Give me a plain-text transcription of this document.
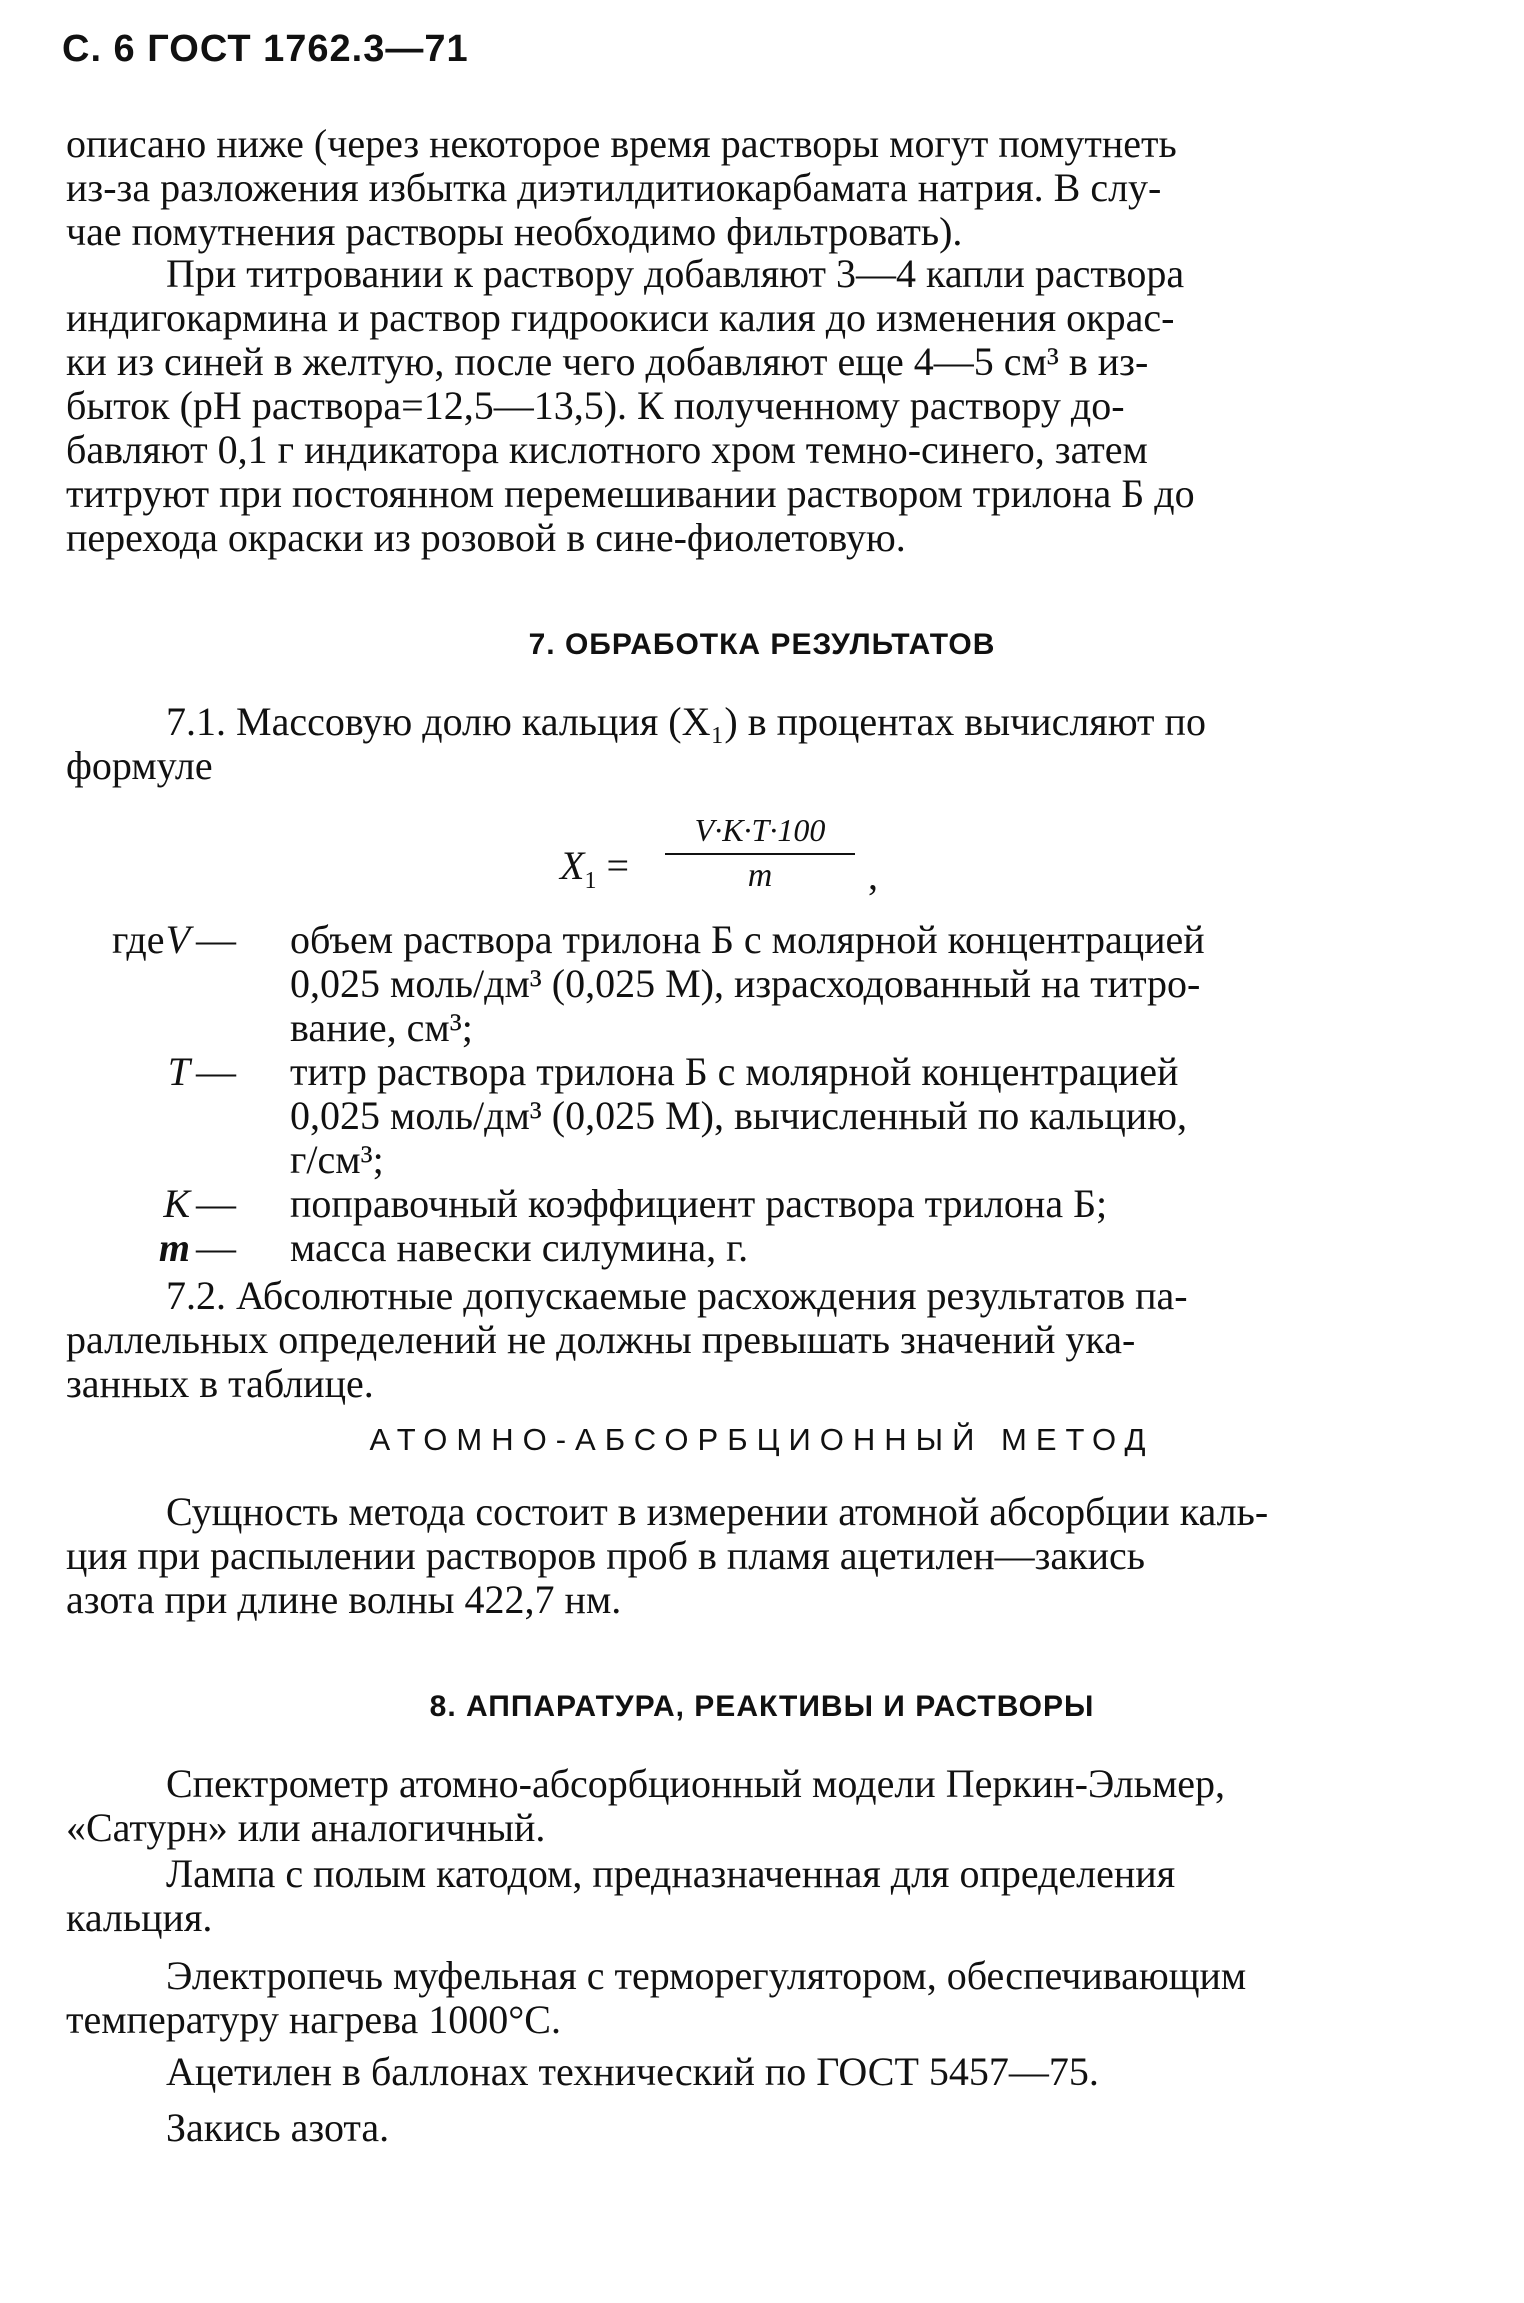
С. 6 ГОСТ 1762.3—71
описано ниже (через некоторое время растворы могут помутнеть
из-за разложения избытка диэтилдитиокарбамата натрия. В слу-
чае помутнения растворы необходимо фильтровать).
При титровании к раствору добавляют 3—4 капли раствора
индигокармина и раствор гидроокиси калия до изменения окрас-
ки из синей в желтую, после чего добавляют еще 4—5 см³ в из-
быток (рН раствора=12,5—13,5). К полученному раствору до-
бавляют 0,1 г индикатора кислотного хром темно-синего, затем
титруют при постоянном перемешивании раствором трилона Б до
перехода окраски из розовой в сине-фиолетовую.
7. ОБРАБОТКА РЕЗУЛЬТАТОВ
7.1. Массовую долю кальция (X₁) в процентах вычисляют по
формуле
$X_1 = \frac{V\cdot K\cdot T\cdot 100}{m}$ ,
где V — объем раствора трилона Б с молярной концентрацией
0,025 моль/дм³ (0,025 М), израсходованный на титро-
вание, см³;
T — титр раствора трилона Б с молярной концентрацией
0,025 моль/дм³ (0,025 М), вычисленный по кальцию,
г/см³;
K — поправочный коэффициент раствора трилона Б;
m — масса навески силумина, г.
7.2. Абсолютные допускаемые расхождения результатов па-
раллельных определений не должны превышать значений ука-
занных в таблице.
АТОМНО-АБСОРБЦИОННЫЙ МЕТОД
Сущность метода состоит в измерении атомной абсорбции каль-
ция при распылении растворов проб в пламя ацетилен—закись
азота при длине волны 422,7 нм.
8. АППАРАТУРА, РЕАКТИВЫ И РАСТВОРЫ
Спектрометр атомно-абсорбционный модели Перкин-Эльмер,
«Сатурн» или аналогичный.
Лампа с полым катодом, предназначенная для определения
кальция.
Электропечь муфельная с терморегулятором, обеспечивающим
температуру нагрева 1000°С.
Ацетилен в баллонах технический по ГОСТ 5457—75.
Закись азота.
